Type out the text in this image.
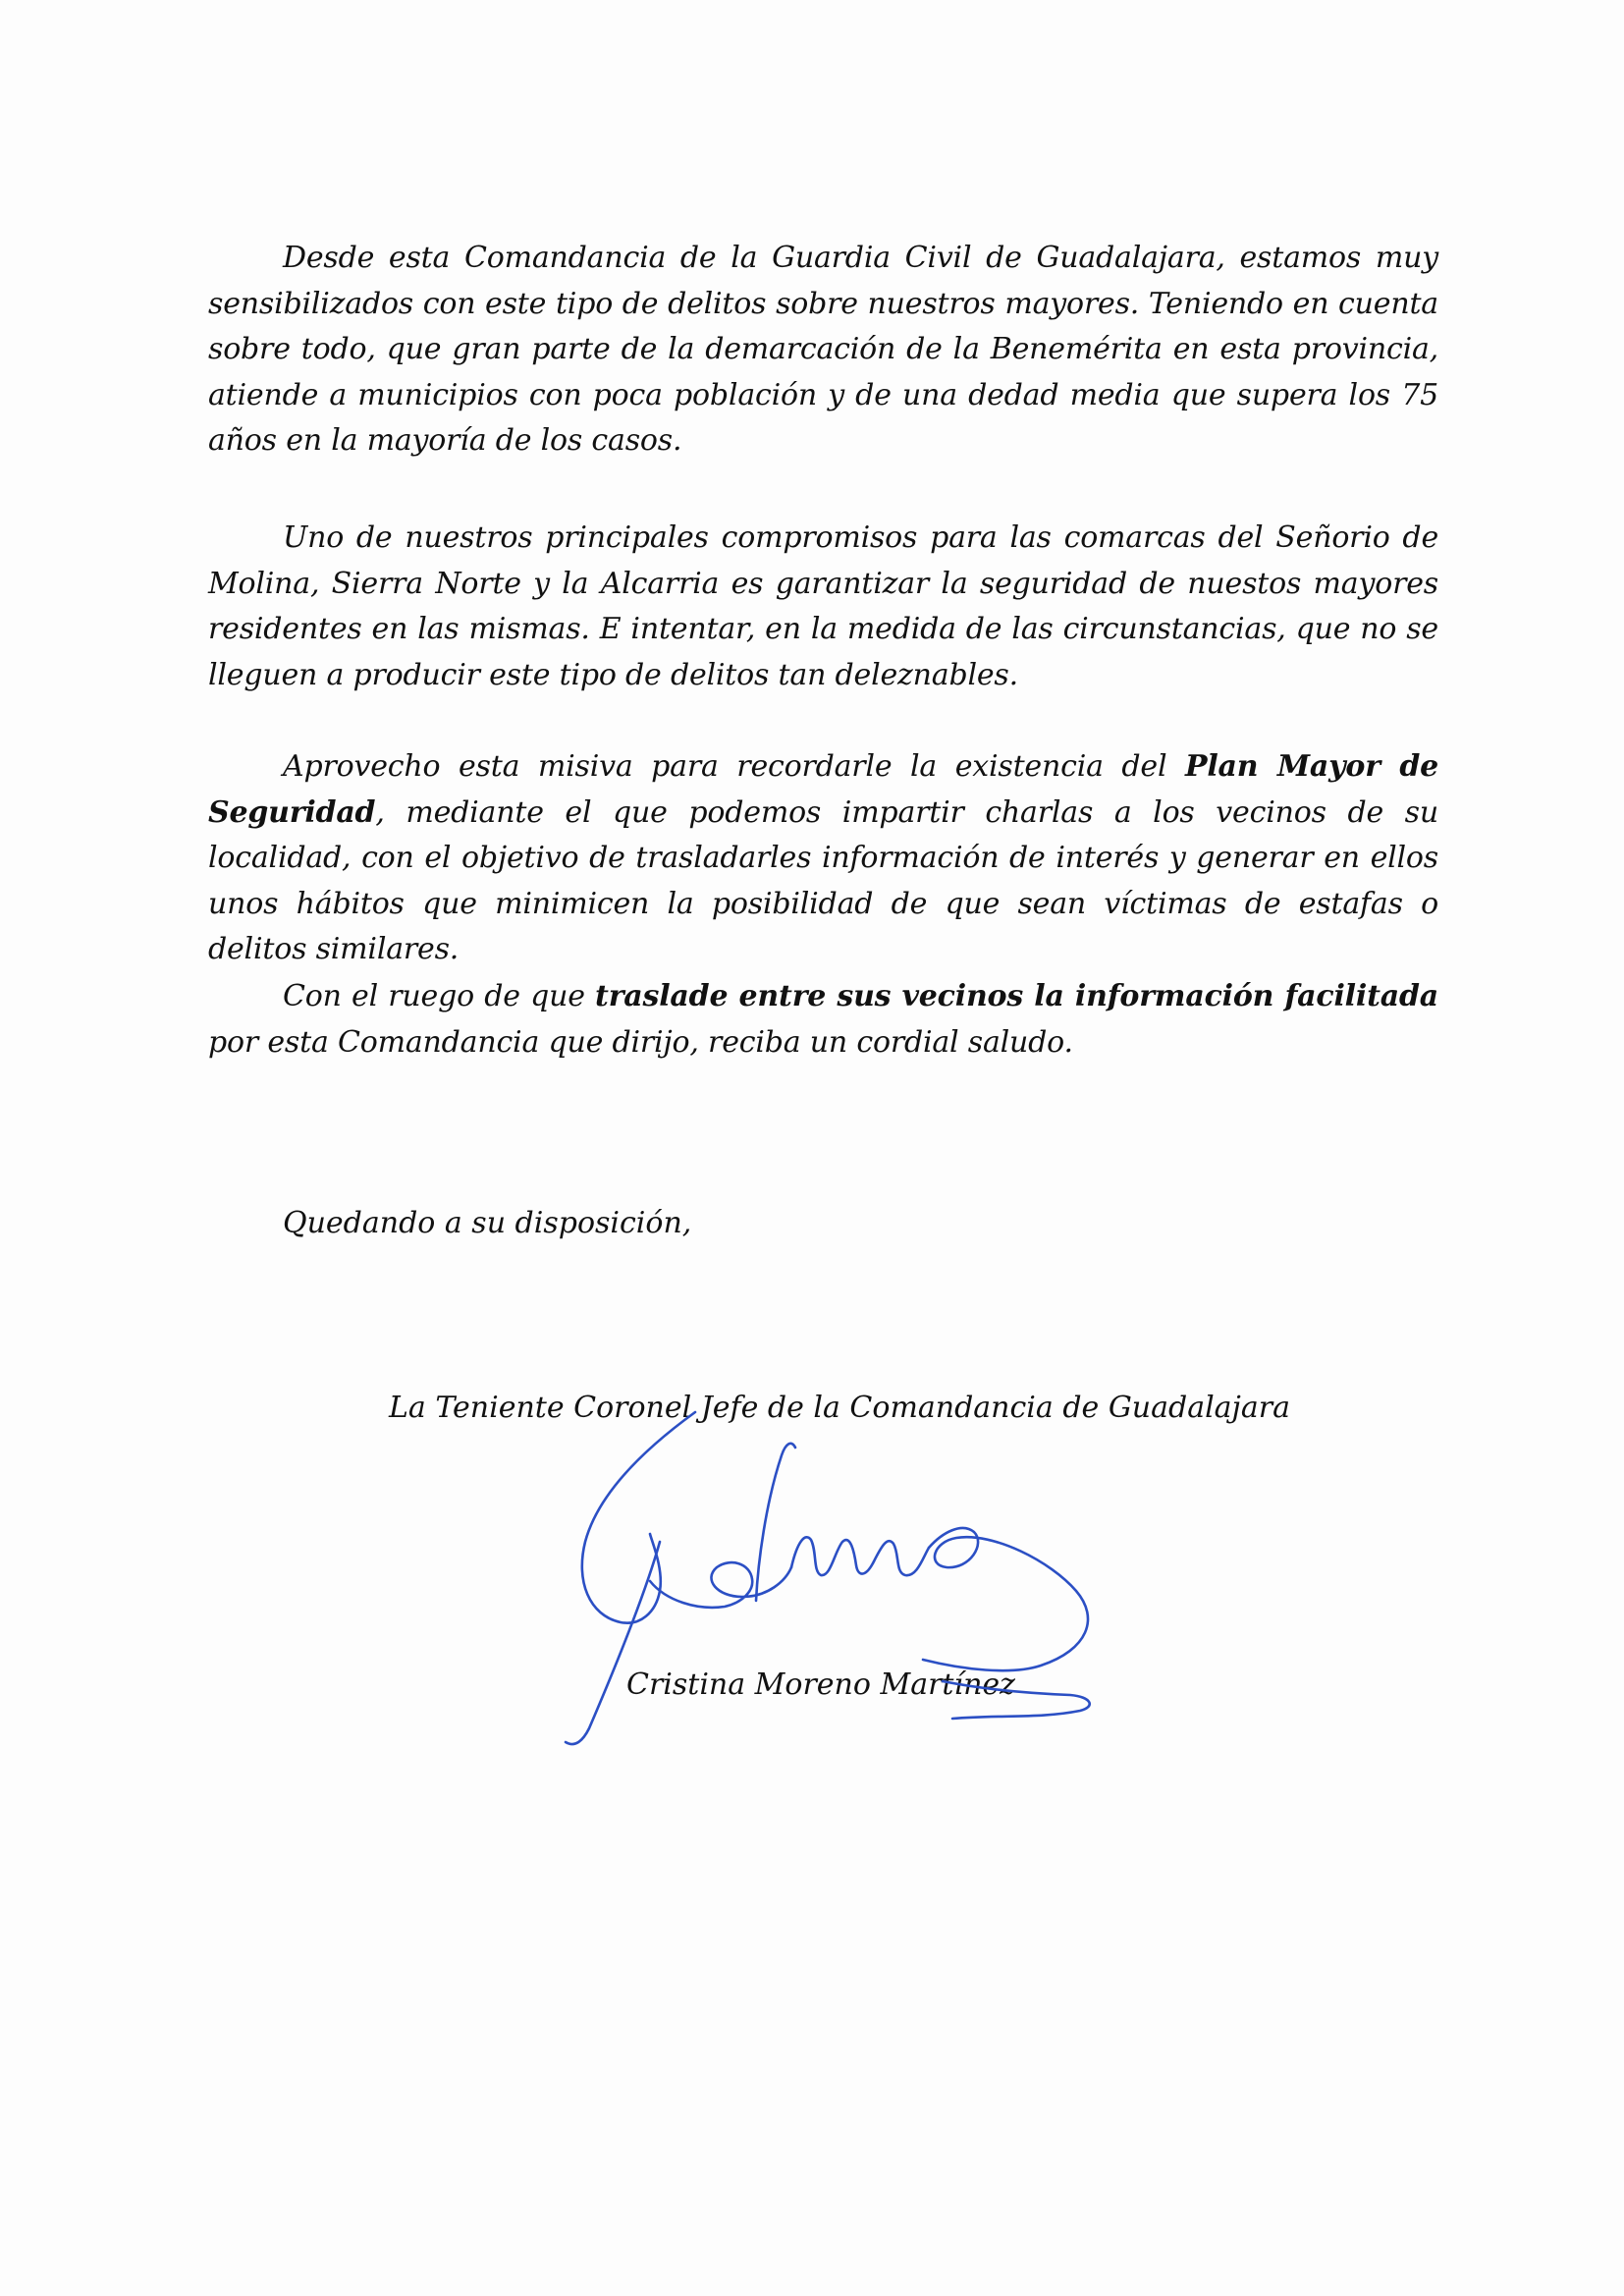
Desde esta Comandancia de la Guardia Civil de Guadalajara, estamos muy sensibilizados con este tipo de delitos sobre nuestros mayores. Teniendo en cuenta sobre todo, que gran parte de la demarcación de la Benemérita en esta provincia, atiende a municipios con poca población y de una dedad media que supera los 75 años en la mayoría de los casos.

Uno de nuestros principales compromisos para las comarcas del Señorio de Molina, Sierra Norte y la Alcarria es garantizar la seguridad de nuestos mayores residentes en las mismas. E intentar, en la medida de las circunstancias, que no se lleguen a producir este tipo de delitos tan deleznables.

Aprovecho esta misiva para recordarle la existencia del Plan Mayor de Seguridad, mediante el que podemos impartir charlas a los vecinos de su localidad, con el objetivo de trasladarles información de interés y generar en ellos unos hábitos que minimicen la posibilidad de que sean víctimas de estafas o delitos similares.

Con el ruego de que traslade entre sus vecinos la información facilitada por esta Comandancia que dirijo, reciba un cordial saludo.

Quedando a su disposición,

La Teniente Coronel Jefe de la Comandancia de Guadalajara

Cristina Moreno Martínez
